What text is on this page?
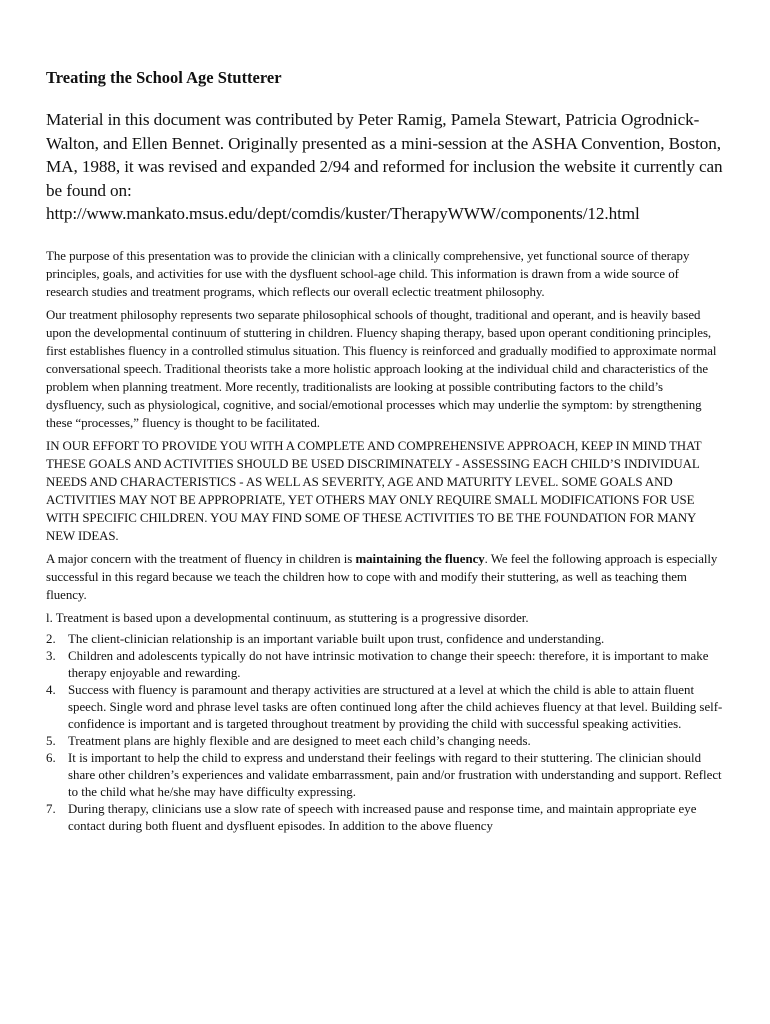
Treating the School Age Stutterer
Material in this document was contributed by Peter Ramig, Pamela Stewart, Patricia Ogrodnick-Walton, and Ellen Bennet. Originally presented as a mini-session at the ASHA Convention, Boston, MA, 1988, it was revised and expanded 2/94 and reformed for inclusion the website it currently can be found on:
http://www.mankato.msus.edu/dept/comdis/kuster/TherapyWWW/components/12.html

The purpose of this presentation was to provide the clinician with a clinically comprehensive, yet functional source of therapy principles, goals, and activities for use with the dysfluent school-age child. This information is drawn from a wide source of research studies and treatment programs, which reflects our overall eclectic treatment philosophy.

Our treatment philosophy represents two separate philosophical schools of thought, traditional and operant, and is heavily based upon the developmental continuum of stuttering in children. Fluency shaping therapy, based upon operant conditioning principles, first establishes fluency in a controlled stimulus situation. This fluency is reinforced and gradually modified to approximate normal conversational speech. Traditional theorists take a more holistic approach looking at the individual child and characteristics of the problem when planning treatment. More recently, traditionalists are looking at possible contributing factors to the child’s dysfluency, such as physiological, cognitive, and social/emotional processes which may underlie the symptom: by strengthening these “processes,” fluency is thought to be facilitated.

IN OUR EFFORT TO PROVIDE YOU WITH A COMPLETE AND COMPREHENSIVE APPROACH, KEEP IN MIND THAT THESE GOALS AND ACTIVITIES SHOULD BE USED DISCRIMINATELY - ASSESSING EACH CHILD’S INDIVIDUAL NEEDS AND CHARACTERISTICS - AS WELL AS SEVERITY, AGE AND MATURITY LEVEL. SOME GOALS AND ACTIVITIES MAY NOT BE APPROPRIATE, YET OTHERS MAY ONLY REQUIRE SMALL MODIFICATIONS FOR USE WITH SPECIFIC CHILDREN. YOU MAY FIND SOME OF THESE ACTIVITIES TO BE THE FOUNDATION FOR MANY NEW IDEAS.

A major concern with the treatment of fluency in children is maintaining the fluency. We feel the following approach is especially successful in this regard because we teach the children how to cope with and modify their stuttering, as well as teaching them fluency.

l. Treatment is based upon a developmental continuum, as stuttering is a progressive disorder.

2. The client-clinician relationship is an important variable built upon trust, confidence and understanding.
3. Children and adolescents typically do not have intrinsic motivation to change their speech: therefore, it is important to make therapy enjoyable and rewarding.
4. Success with fluency is paramount and therapy activities are structured at a level at which the child is able to attain fluent speech. Single word and phrase level tasks are often continued long after the child achieves fluency at that level. Building self- confidence is important and is targeted throughout treatment by providing the child with successful speaking activities.
5. Treatment plans are highly flexible and are designed to meet each child’s changing needs.
6. It is important to help the child to express and understand their feelings with regard to their stuttering. The clinician should share other children’s experiences and validate embarrassment, pain and/or frustration with understanding and support. Reflect to the child what he/she may have difficulty expressing.
7. During therapy, clinicians use a slow rate of speech with increased pause and response time, and maintain appropriate eye contact during both fluent and dysfluent episodes. In addition to the above fluency
